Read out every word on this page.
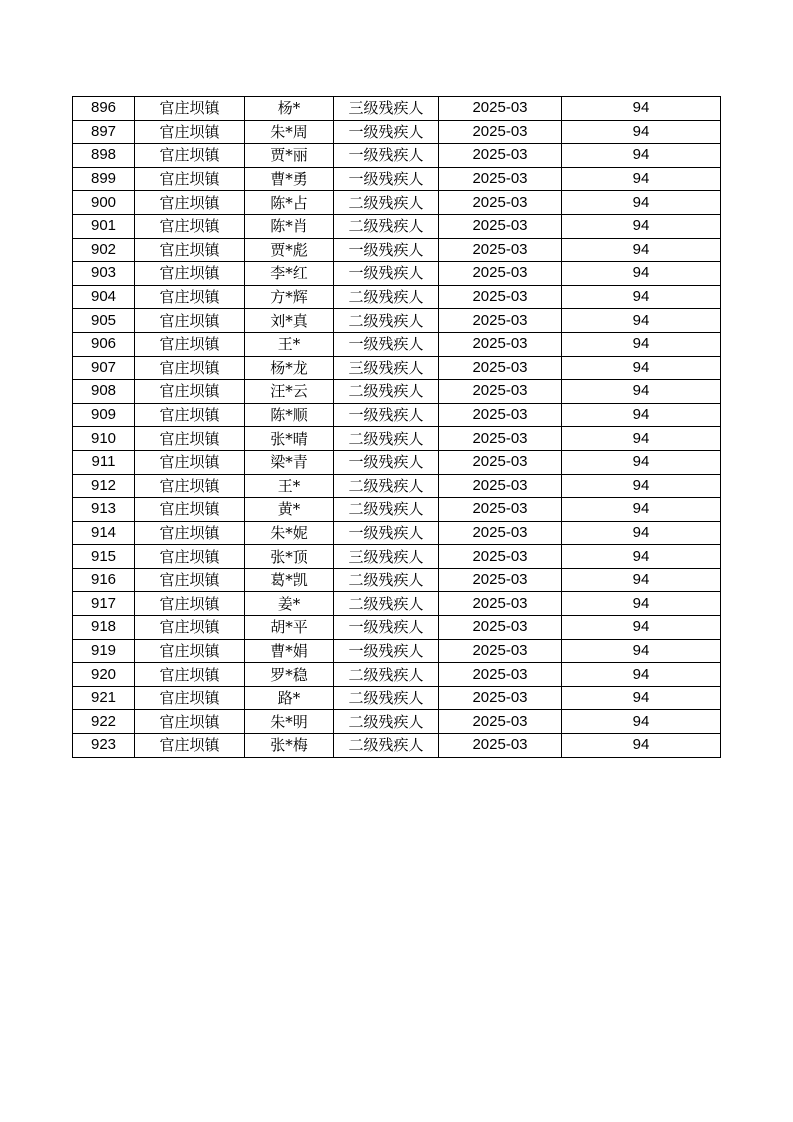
896	官庄坝镇	杨*	三级残疾人	2025-03	94
897	官庄坝镇	朱*周	一级残疾人	2025-03	94
898	官庄坝镇	贾*丽	一级残疾人	2025-03	94
899	官庄坝镇	曹*勇	一级残疾人	2025-03	94
900	官庄坝镇	陈*占	二级残疾人	2025-03	94
901	官庄坝镇	陈*肖	二级残疾人	2025-03	94
902	官庄坝镇	贾*彪	一级残疾人	2025-03	94
903	官庄坝镇	李*红	一级残疾人	2025-03	94
904	官庄坝镇	方*辉	二级残疾人	2025-03	94
905	官庄坝镇	刘*真	二级残疾人	2025-03	94
906	官庄坝镇	王*	一级残疾人	2025-03	94
907	官庄坝镇	杨*龙	三级残疾人	2025-03	94
908	官庄坝镇	汪*云	二级残疾人	2025-03	94
909	官庄坝镇	陈*顺	一级残疾人	2025-03	94
910	官庄坝镇	张*晴	二级残疾人	2025-03	94
911	官庄坝镇	梁*青	一级残疾人	2025-03	94
912	官庄坝镇	王*	二级残疾人	2025-03	94
913	官庄坝镇	黄*	二级残疾人	2025-03	94
914	官庄坝镇	朱*妮	一级残疾人	2025-03	94
915	官庄坝镇	张*顶	三级残疾人	2025-03	94
916	官庄坝镇	葛*凯	二级残疾人	2025-03	94
917	官庄坝镇	姜*	二级残疾人	2025-03	94
918	官庄坝镇	胡*平	一级残疾人	2025-03	94
919	官庄坝镇	曹*娟	一级残疾人	2025-03	94
920	官庄坝镇	罗*稳	二级残疾人	2025-03	94
921	官庄坝镇	路*	二级残疾人	2025-03	94
922	官庄坝镇	朱*明	二级残疾人	2025-03	94
923	官庄坝镇	张*梅	二级残疾人	2025-03	94
